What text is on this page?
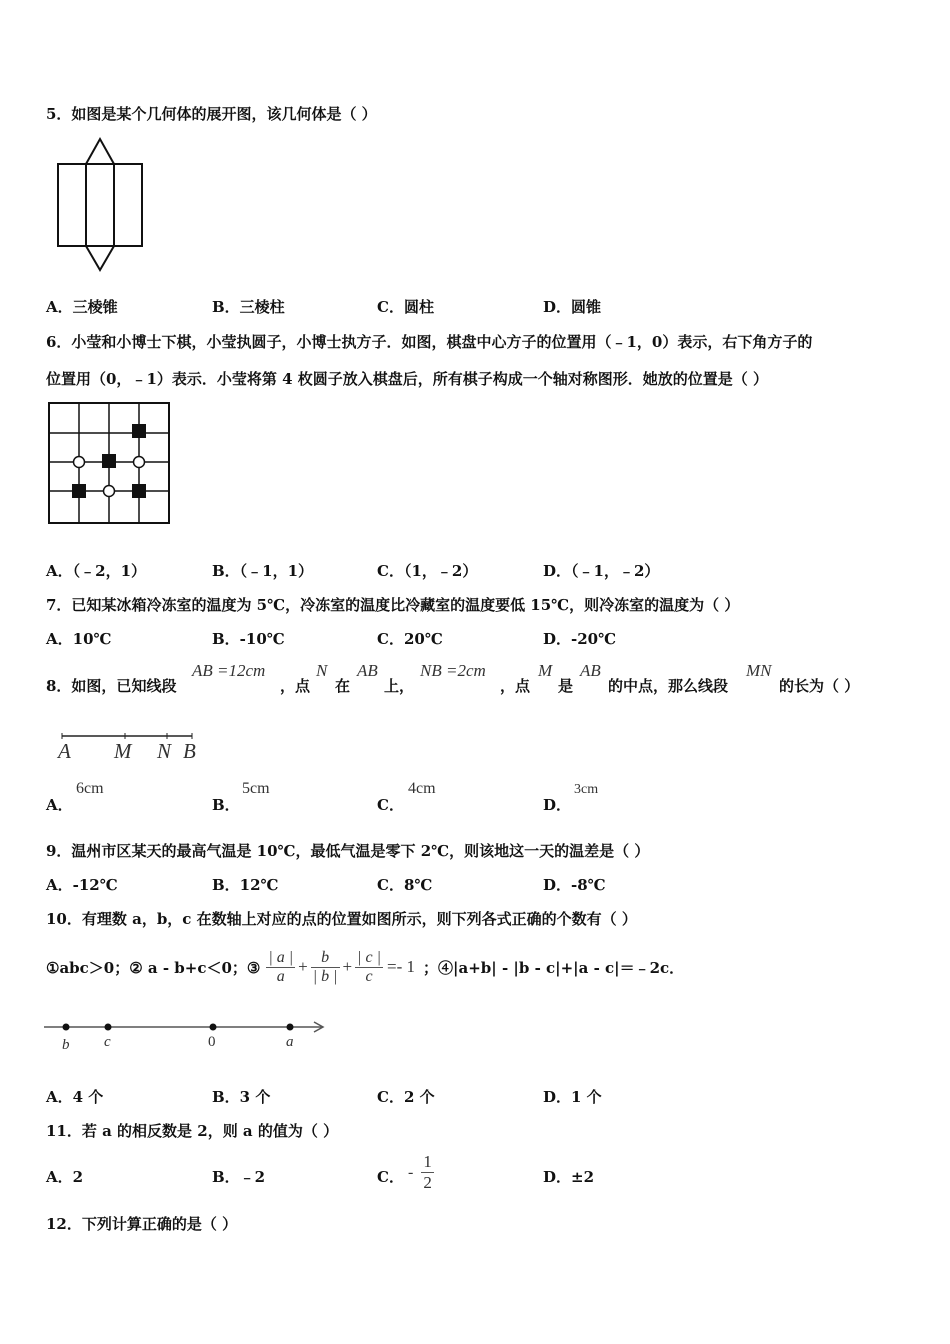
5．如图是某个几何体的展开图，该几何体是（ ）
A．三棱锥	B．三棱柱	C．圆柱	D．圆锥
6．小莹和小博士下棋，小莹执圆子，小博士执方子．如图，棋盘中心方子的位置用（﹣1，0）表示，右下角方子的
位置用（0，﹣1）表示．小莹将第 4 枚圆子放入棋盘后，所有棋子构成一个轴对称图形．她放的位置是（ ）
A．（﹣2，1）	B．（﹣1，1）	C．（1，﹣2）	D．（﹣1，﹣2）
7．已知某冰箱冷冻室的温度为 5℃，冷冻室的温度比冷藏室的温度要低 15℃，则冷冻室的温度为（ ）
A．10℃	B．-10℃	C．20℃	D．-20℃
8．如图，已知线段
AB =12cm
，点
N
在
AB
上，
NB =2cm
，点
M
是
AB
的中点，那么线段
MN
的长为（ ）
A M N B
A．
6cm
B．
5cm
C．
4cm
D．
3cm
9．温州市区某天的最高气温是 10℃，最低气温是零下 2℃，则该地这一天的温差是（ ）
A．-12℃	B．12℃	C．8℃	D．-8℃
10．有理数 a，b，c 在数轴上对应的点的位置如图所示，则下列各式正确的个数有（ ）
①abc＞0；② a - b+c＜0；③ $\frac{| a |}{a} + \frac{b}{| b |} + \frac{| c |}{c} =- 1$ ；④|a+b| - |b - c|+|a - c|＝﹣2c．
b c	0	a
A．4 个	B．3 个	C．2 个	D．1 个
11．若 a 的相反数是 2，则 a 的值为（ ）
A．2	B．﹣2	C． - $\frac{1}{2}$	D．±2
12．下列计算正确的是（ ）
